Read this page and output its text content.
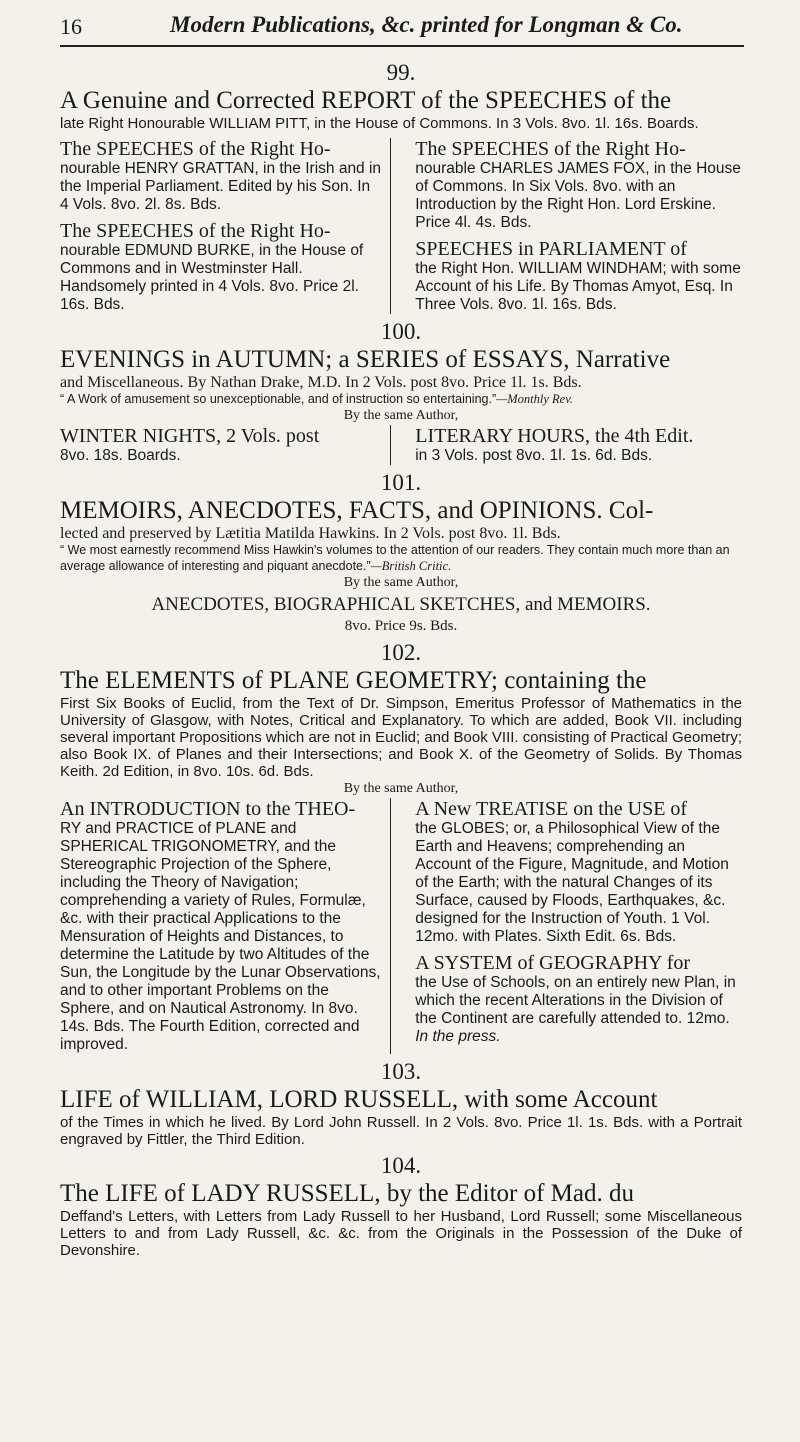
16	Modern Publications, &c. printed for Longman & Co.
99.
A Genuine and Corrected REPORT of the SPEECHES of the
late Right Honourable WILLIAM PITT, in the House of Commons. In 3 Vols. 8vo. 1l. 16s. Boards.
The SPEECHES of the Right Ho-
nourable HENRY GRATTAN, in the Irish and in the Imperial Parliament. Edited by his Son. In 4 Vols. 8vo. 2l. 8s. Bds.
The SPEECHES of the Right Ho-
nourable EDMUND BURKE, in the House of Commons and in Westminster Hall. Handsomely printed in 4 Vols. 8vo. Price 2l. 16s. Bds.
The SPEECHES of the Right Ho-
nourable CHARLES JAMES FOX, in the House of Commons. In Six Vols. 8vo. with an Introduction by the Right Hon. Lord Erskine. Price 4l. 4s. Bds.
SPEECHES in PARLIAMENT of
the Right Hon. WILLIAM WINDHAM; with some Account of his Life. By Thomas Amyot, Esq. In Three Vols. 8vo. 1l. 16s. Bds.
100.
EVENINGS in AUTUMN; a SERIES of ESSAYS, Narrative
and Miscellaneous. By Nathan Drake, M.D. In 2 Vols. post 8vo. Price 1l. 1s. Bds.
“ A Work of amusement so unexceptionable, and of instruction so entertaining.”—Monthly Rev.
By the same Author,
WINTER NIGHTS, 2 Vols. post
8vo. 18s. Boards.
LITERARY HOURS, the 4th Edit.
in 3 Vols. post 8vo. 1l. 1s. 6d. Bds.
101.
MEMOIRS, ANECDOTES, FACTS, and OPINIONS. Col-
lected and preserved by Lætitia Matilda Hawkins. In 2 Vols. post 8vo. 1l. Bds.
“ We most earnestly recommend Miss Hawkin's volumes to the attention of our readers. They contain much more than an average allowance of interesting and piquant anecdote.”—British Critic.
By the same Author,
ANECDOTES, BIOGRAPHICAL SKETCHES, and MEMOIRS.
8vo. Price 9s. Bds.
102.
The ELEMENTS of PLANE GEOMETRY; containing the
First Six Books of Euclid, from the Text of Dr. Simpson, Emeritus Professor of Mathematics in the University of Glasgow, with Notes, Critical and Explanatory. To which are added, Book VII. including several important Propositions which are not in Euclid; and Book VIII. consisting of Practical Geometry; also Book IX. of Planes and their Intersections; and Book X. of the Geometry of Solids. By Thomas Keith. 2d Edition, in 8vo. 10s. 6d. Bds.
By the same Author,
An INTRODUCTION to the THEO-
RY and PRACTICE of PLANE and SPHERICAL TRIGONOMETRY, and the Stereographic Projection of the Sphere, including the Theory of Navigation; comprehending a variety of Rules, Formulæ, &c. with their practical Applications to the Mensuration of Heights and Distances, to determine the Latitude by two Altitudes of the Sun, the Longitude by the Lunar Observations, and to other important Problems on the Sphere, and on Nautical Astronomy. In 8vo. 14s. Bds. The Fourth Edition, corrected and improved.
A New TREATISE on the USE of
the GLOBES; or, a Philosophical View of the Earth and Heavens; comprehending an Account of the Figure, Magnitude, and Motion of the Earth; with the natural Changes of its Surface, caused by Floods, Earthquakes, &c. designed for the Instruction of Youth. 1 Vol. 12mo. with Plates. Sixth Edit. 6s. Bds.
A SYSTEM of GEOGRAPHY for
the Use of Schools, on an entirely new Plan, in which the recent Alterations in the Division of the Continent are carefully attended to. 12mo. In the press.
103.
LIFE of WILLIAM, LORD RUSSELL, with some Account
of the Times in which he lived. By Lord John Russell. In 2 Vols. 8vo. Price 1l. 1s. Bds. with a Portrait engraved by Fittler, the Third Edition.
104.
The LIFE of LADY RUSSELL, by the Editor of Mad. du
Deffand's Letters, with Letters from Lady Russell to her Husband, Lord Russell; some Miscellaneous Letters to and from Lady Russell, &c. &c. from the Originals in the Possession of the Duke of Devonshire.
